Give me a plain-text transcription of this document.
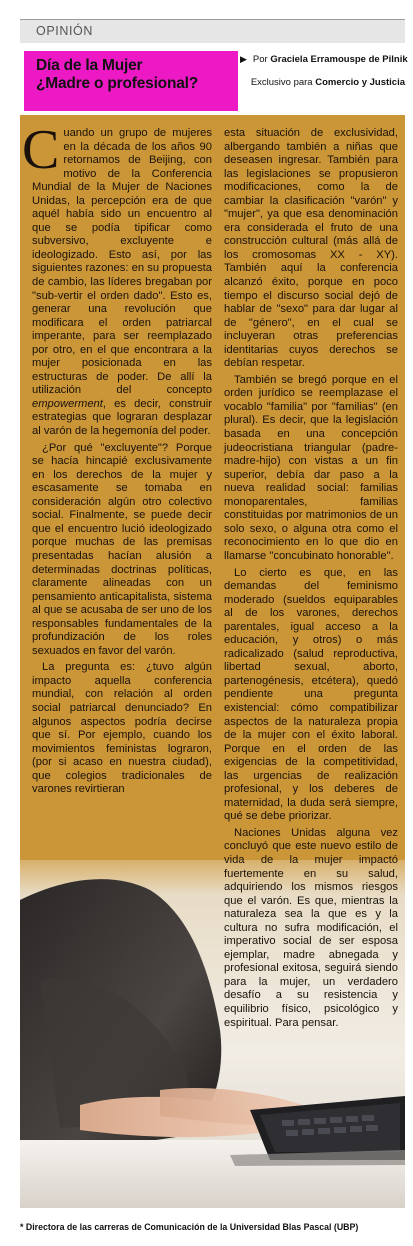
OPINIÓN
Día de la Mujer
¿Madre o profesional?
▶ Por Graciela Erramouspe de Pilnik
Exclusivo para Comercio y Justicia

Cuando un grupo de mujeres en la década de los años 90 retornamos de Beijing, con motivo de la Conferencia Mundial de la Mujer de Naciones Unidas, la percepción era de que aquél había sido un encuentro al que se podía tipificar como subversivo, excluyente e ideologizado. Esto así, por las siguientes razones: en su propuesta de cambio, las líderes bregaban por "sub-vertir el orden dado". Esto es, generar una revolución que modificara el orden patriarcal imperante, para ser reemplazado por otro, en el que encontrara a la mujer posicionada en las estructuras de poder. De allí la utilización del concepto empowerment, es decir, construir estrategias que lograran desplazar al varón de la hegemonía del poder.

¿Por qué "excluyente"? Porque se hacía hincapié exclusivamente en los derechos de la mujer y escasamente se tomaba en consideración algún otro colectivo social. Finalmente, se puede decir que el encuentro lució ideologizado porque muchas de las premisas presentadas hacían alusión a determinadas doctrinas políticas, claramente alineadas con un pensamiento anticapitalista, sistema al que se acusaba de ser uno de los responsables fundamentales de la profundización de los roles sexuados en favor del varón.

La pregunta es: ¿tuvo algún impacto aquella conferencia mundial, con relación al orden social patriarcal denunciado? En algunos aspectos podría decirse que sí. Por ejemplo, cuando los movimientos feministas lograron, (por si acaso en nuestra ciudad), que colegios tradicionales de varones revirtieran

esta situación de exclusividad, albergando también a niñas que deseasen ingresar. También para las legislaciones se propusieron modificaciones, como la de cambiar la clasificación "varón" y "mujer", ya que esa denominación era considerada el fruto de una construcción cultural (más allá de los cromosomas XX - XY). También aquí la conferencia alcanzó éxito, porque en poco tiempo el discurso social dejó de hablar de "sexo" para dar lugar al de "género", en el cual se incluyeran otras preferencias identitarias cuyos derechos se debían respetar.

También se bregó porque en el orden jurídico se reemplazase el vocablo "familia" por "familias" (en plural). Es decir, que la legislación basada en una concepción judeocristiana triangular (padre-madre-hijo) con vistas a un fin superior, debía dar paso a la nueva realidad social: familias monoparentales, familias constituidas por matrimonios de un solo sexo, o alguna otra como el reconocimiento en lo que dio en llamarse "concubinato honorable".

Lo cierto es que, en las demandas del feminismo moderado (sueldos equiparables al de los varones, derechos parentales, igual acceso a la educación, y otros) o más radicalizado (salud reproductiva, libertad sexual, aborto, partenogénesis, etcétera), quedó pendiente una pregunta existencial: cómo compatibilizar aspectos de la naturaleza propia de la mujer con el éxito laboral. Porque en el orden de las exigencias de la competitividad, las urgencias de realización profesional, y los deberes de maternidad, la duda será siempre, qué se debe priorizar.

Naciones Unidas alguna vez concluyó que este nuevo estilo de vida de la mujer impactó fuertemente en su salud, adquiriendo los mismos riesgos que el varón. Es que, mientras la naturaleza sea la que es y la cultura no sufra modificación, el imperativo social de ser esposa ejemplar, madre abnegada y profesional exitosa, seguirá siendo para la mujer, un verdadero desafío a su resistencia y equilibrio físico, psicológico y espiritual. Para pensar.

* Directora de las carreras de Comunicación de la Universidad Blas Pascal (UBP)
